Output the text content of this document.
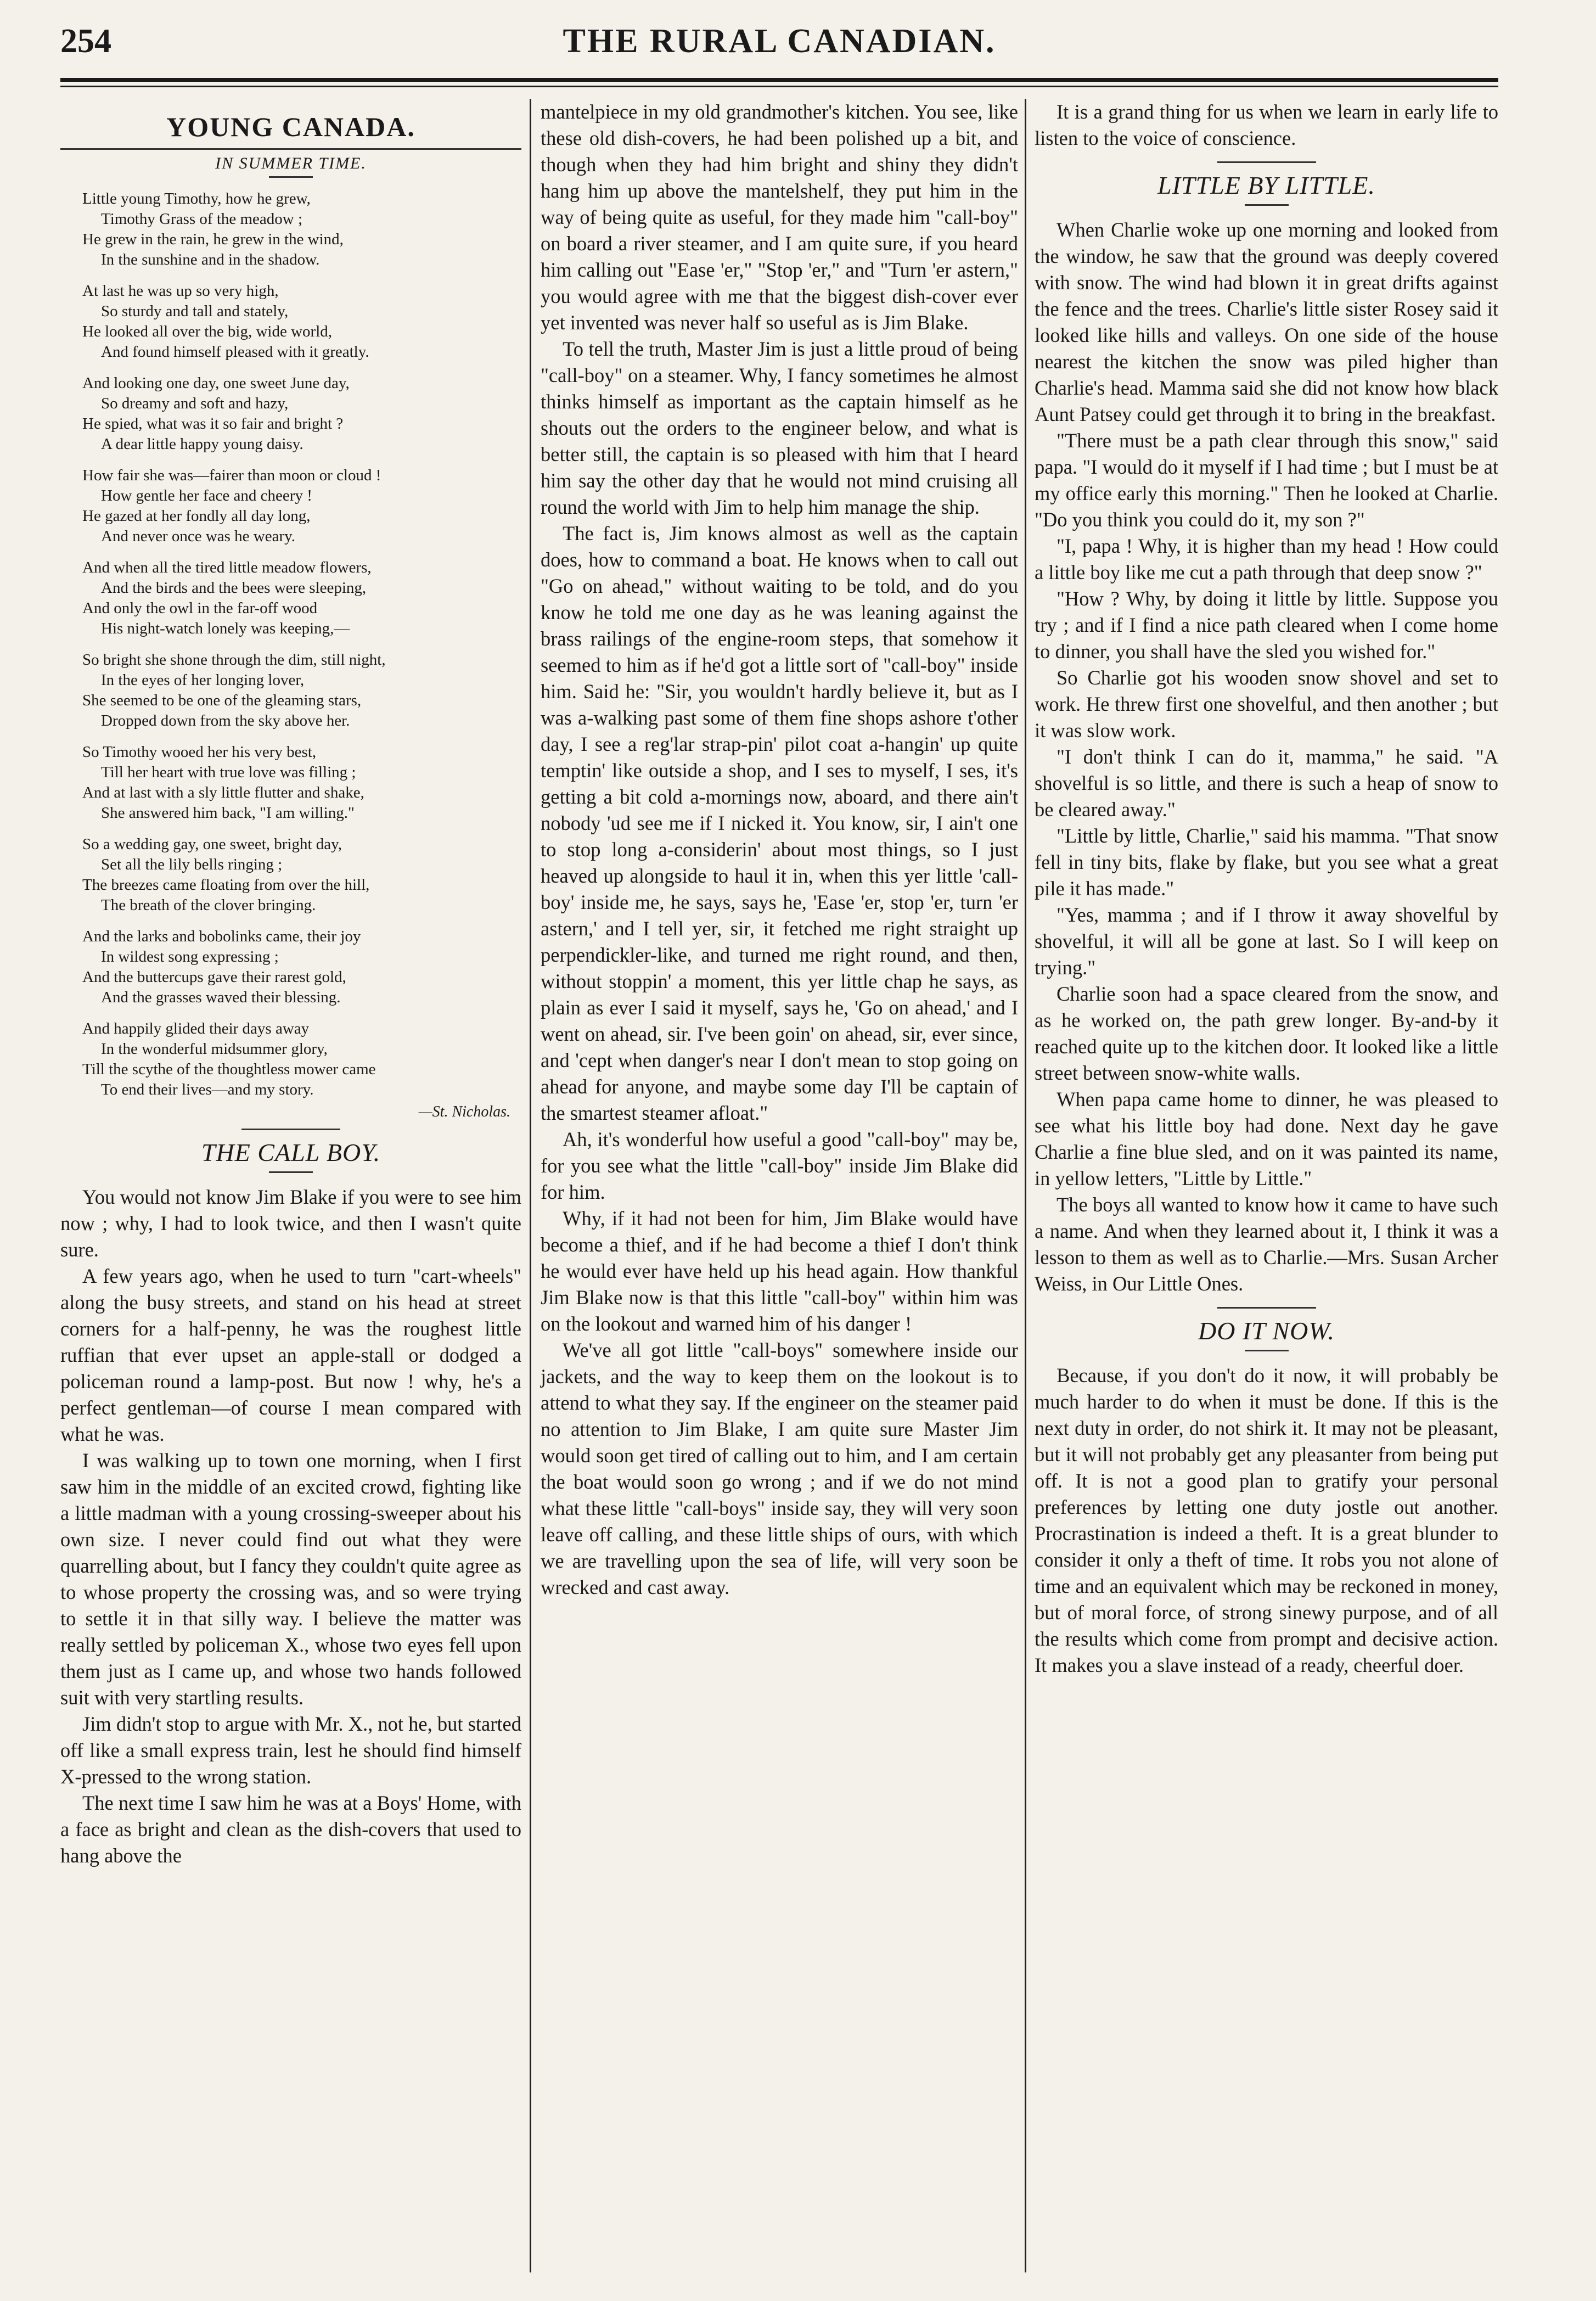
THE RURAL CANADIAN.
254
YOUNG CANADA.
IN SUMMER TIME.
Little young Timothy, how he grew,
Timothy Grass of the meadow ;
He grew in the rain, he grew in the wind,
In the sunshine and in the shadow.
At last he was up so very high,
So sturdy and tall and stately,
He looked all over the big, wide world,
And found himself pleased with it greatly.
And looking one day, one sweet June day,
So dreamy and soft and hazy,
He spied, what was it so fair and bright ?
A dear little happy young daisy.
How fair she was—fairer than moon or cloud !
How gentle her face and cheery !
He gazed at her fondly all day long,
And never once was he weary.
And when all the tired little meadow flowers,
And the birds and the bees were sleeping,
And only the owl in the far-off wood
His night-watch lonely was keeping,—
So bright she shone through the dim, still night,
In the eyes of her longing lover,
She seemed to be one of the gleaming stars,
Dropped down from the sky above her.
So Timothy wooed her his very best,
Till her heart with true love was filling ;
And at last with a sly little flutter and shake,
She answered him back, "I am willing."
So a wedding gay, one sweet, bright day,
Set all the lily bells ringing ;
The breezes came floating from over the hill,
The breath of the clover bringing.
And the larks and bobolinks came, their joy
In wildest song expressing ;
And the buttercups gave their rarest gold,
And the grasses waved their blessing.
And happily glided their days away
In the wonderful midsummer glory,
Till the scythe of the thoughtless mower came
To end their lives—and my story.
—St. Nicholas.
THE CALL BOY.

You would not know Jim Blake if you were to see him now ; why, I had to look twice, and then I wasn't quite sure.

A few years ago, when he used to turn "cart-wheels" along the busy streets, and stand on his head at street corners for a half-penny, he was the roughest little ruffian that ever upset an apple-stall or dodged a policeman round a lamp-post. But now ! why, he's a perfect gentleman—of course I mean compared with what he was.

I was walking up to town one morning, when I first saw him in the middle of an excited crowd, fighting like a little madman with a young crossing-sweeper about his own size. I never could find out what they were quarrelling about, but I fancy they couldn't quite agree as to whose property the crossing was, and so were trying to settle it in that silly way. I believe the matter was really settled by policeman X., whose two eyes fell upon them just as I came up, and whose two hands followed suit with very startling results.

Jim didn't stop to argue with Mr. X., not he, but started off like a small express train, lest he should find himself X-pressed to the wrong station.

The next time I saw him he was at a Boys' Home, with a face as bright and clean as the dish-covers that used to hang above the

mantelpiece in my old grandmother's kitchen. You see, like these old dish-covers, he had been polished up a bit, and though when they had him bright and shiny they didn't hang him up above the mantelshelf, they put him in the way of being quite as useful, for they made him "call-boy" on board a river steamer, and I am quite sure, if you heard him calling out "Ease 'er," "Stop 'er," and "Turn 'er astern," you would agree with me that the biggest dish-cover ever yet invented was never half so useful as is Jim Blake.

To tell the truth, Master Jim is just a little proud of being "call-boy" on a steamer. Why, I fancy sometimes he almost thinks himself as important as the captain himself as he shouts out the orders to the engineer below, and what is better still, the captain is so pleased with him that I heard him say the other day that he would not mind cruising all round the world with Jim to help him manage the ship.

The fact is, Jim knows almost as well as the captain does, how to command a boat. He knows when to call out "Go on ahead," without waiting to be told, and do you know he told me one day as he was leaning against the brass railings of the engine-room steps, that somehow it seemed to him as if he'd got a little sort of "call-boy" inside him. Said he: "Sir, you wouldn't hardly believe it, but as I was a-walking past some of them fine shops ashore t'other day, I see a reg'lar strap-pin' pilot coat a-hangin' up quite temptin' like outside a shop, and I ses to myself, I ses, it's getting a bit cold a-mornings now, aboard, and there ain't nobody 'ud see me if I nicked it. You know, sir, I ain't one to stop long a-considerin' about most things, so I just heaved up alongside to haul it in, when this yer little 'call-boy' inside me, he says, says he, 'Ease 'er, stop 'er, turn 'er astern,' and I tell yer, sir, it fetched me right straight up perpendickler-like, and turned me right round, and then, without stoppin' a moment, this yer little chap he says, as plain as ever I said it myself, says he, 'Go on ahead,' and I went on ahead, sir. I've been goin' on ahead, sir, ever since, and 'cept when danger's near I don't mean to stop going on ahead for anyone, and maybe some day I'll be captain of the smartest steamer afloat."

Ah, it's wonderful how useful a good "call-boy" may be, for you see what the little "call-boy" inside Jim Blake did for him.

Why, if it had not been for him, Jim Blake would have become a thief, and if he had become a thief I don't think he would ever have held up his head again. How thankful Jim Blake now is that this little "call-boy" within him was on the lookout and warned him of his danger !

We've all got little "call-boys" somewhere inside our jackets, and the way to keep them on the lookout is to attend to what they say. If the engineer on the steamer paid no attention to Jim Blake, I am quite sure Master Jim would soon get tired of calling out to him, and I am certain the boat would soon go wrong ; and if we do not mind what these little "call-boys" inside say, they will very soon leave off calling, and these little ships of ours, with which we are travelling upon the sea of life, will very soon be wrecked and cast away.

It is a grand thing for us when we learn in early life to listen to the voice of conscience.

LITTLE BY LITTLE.

When Charlie woke up one morning and looked from the window, he saw that the ground was deeply covered with snow. The wind had blown it in great drifts against the fence and the trees. Charlie's little sister Rosey said it looked like hills and valleys. On one side of the house nearest the kitchen the snow was piled higher than Charlie's head. Mamma said she did not know how black Aunt Patsey could get through it to bring in the breakfast.

"There must be a path clear through this snow," said papa. "I would do it myself if I had time ; but I must be at my office early this morning." Then he looked at Charlie. "Do you think you could do it, my son ?"

"I, papa ! Why, it is higher than my head ! How could a little boy like me cut a path through that deep snow ?"

"How ? Why, by doing it little by little. Suppose you try ; and if I find a nice path cleared when I come home to dinner, you shall have the sled you wished for."

So Charlie got his wooden snow shovel and set to work. He threw first one shovelful, and then another ; but it was slow work.

"I don't think I can do it, mamma," he said. "A shovelful is so little, and there is such a heap of snow to be cleared away."

"Little by little, Charlie," said his mamma. "That snow fell in tiny bits, flake by flake, but you see what a great pile it has made."

"Yes, mamma ; and if I throw it away shovelful by shovelful, it will all be gone at last. So I will keep on trying."

Charlie soon had a space cleared from the snow, and as he worked on, the path grew longer. By-and-by it reached quite up to the kitchen door. It looked like a little street between snow-white walls.

When papa came home to dinner, he was pleased to see what his little boy had done. Next day he gave Charlie a fine blue sled, and on it was painted its name, in yellow letters, "Little by Little."

The boys all wanted to know how it came to have such a name. And when they learned about it, I think it was a lesson to them as well as to Charlie.—Mrs. Susan Archer Weiss, in Our Little Ones.

DO IT NOW.

Because, if you don't do it now, it will probably be much harder to do when it must be done. If this is the next duty in order, do not shirk it. It may not be pleasant, but it will not probably get any pleasanter from being put off. It is not a good plan to gratify your personal preferences by letting one duty jostle out another. Procrastination is indeed a theft. It is a great blunder to consider it only a theft of time. It robs you not alone of time and an equivalent which may be reckoned in money, but of moral force, of strong sinewy purpose, and of all the results which come from prompt and decisive action. It makes you a slave instead of a ready, cheerful doer.
